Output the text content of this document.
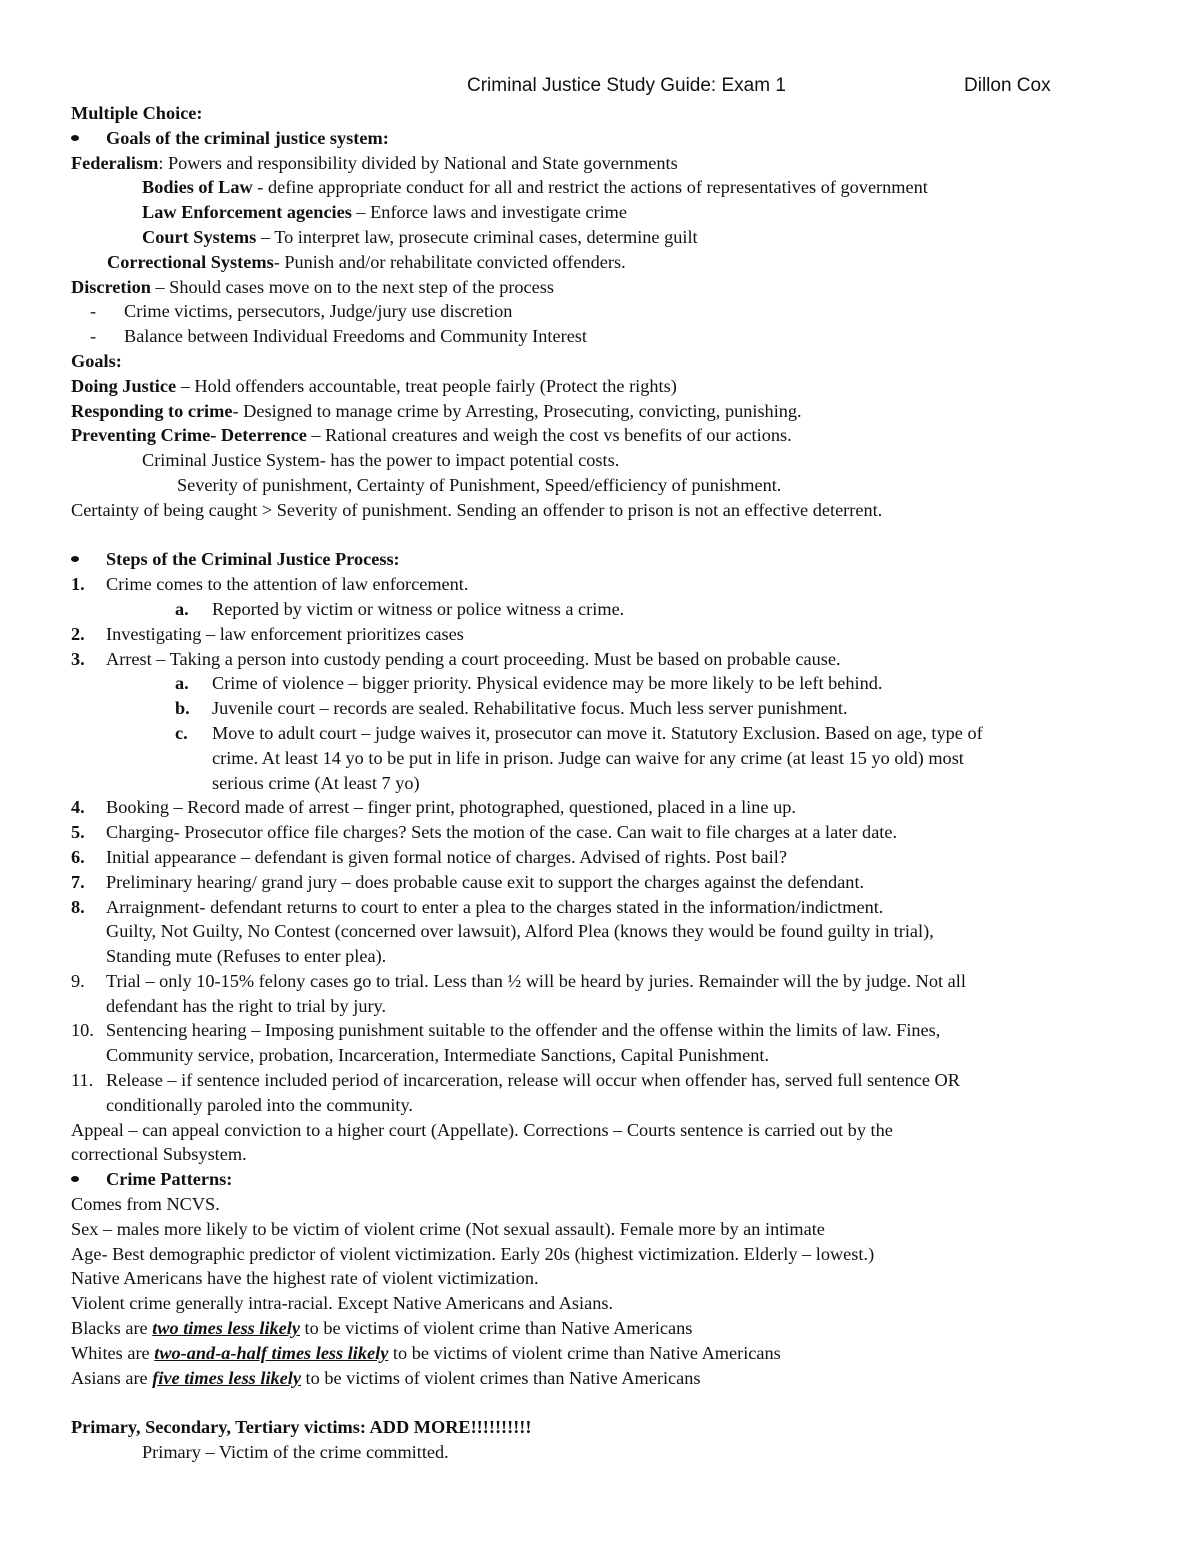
Criminal Justice Study Guide: Exam 1	Dillon Cox
Multiple Choice:
Goals of the criminal justice system:
Federalism: Powers and responsibility divided by National and State governments
Bodies of Law - define appropriate conduct for all and restrict the actions of representatives of government
Law Enforcement agencies – Enforce laws and investigate crime
Court Systems – To interpret law, prosecute criminal cases, determine guilt
Correctional Systems- Punish and/or rehabilitate convicted offenders.
Discretion – Should cases move on to the next step of the process
- Crime victims, persecutors, Judge/jury use discretion
- Balance between Individual Freedoms and Community Interest
Goals:
Doing Justice – Hold offenders accountable, treat people fairly (Protect the rights)
Responding to crime- Designed to manage crime by Arresting, Prosecuting, convicting, punishing.
Preventing Crime- Deterrence – Rational creatures and weigh the cost vs benefits of our actions.
Criminal Justice System- has the power to impact potential costs.
Severity of punishment, Certainty of Punishment, Speed/efficiency of punishment.
Certainty of being caught > Severity of punishment. Sending an offender to prison is not an effective deterrent.
Steps of the Criminal Justice Process:
1. Crime comes to the attention of law enforcement.
a. Reported by victim or witness or police witness a crime.
2. Investigating – law enforcement prioritizes cases
3. Arrest – Taking a person into custody pending a court proceeding. Must be based on probable cause.
a. Crime of violence – bigger priority. Physical evidence may be more likely to be left behind.
b. Juvenile court – records are sealed. Rehabilitative focus. Much less server punishment.
c. Move to adult court – judge waives it, prosecutor can move it. Statutory Exclusion. Based on age, type of
crime. At least 14 yo to be put in life in prison. Judge can waive for any crime (at least 15 yo old) most
serious crime (At least 7 yo)
4. Booking – Record made of arrest – finger print, photographed, questioned, placed in a line up.
5. Charging- Prosecutor office file charges? Sets the motion of the case. Can wait to file charges at a later date.
6. Initial appearance – defendant is given formal notice of charges. Advised of rights. Post bail?
7. Preliminary hearing/ grand jury – does probable cause exit to support the charges against the defendant.
8. Arraignment- defendant returns to court to enter a plea to the charges stated in the information/indictment.
Guilty, Not Guilty, No Contest (concerned over lawsuit), Alford Plea (knows they would be found guilty in trial),
Standing mute (Refuses to enter plea).
9. Trial – only 10-15% felony cases go to trial. Less than ½ will be heard by juries. Remainder will the by judge. Not all
defendant has the right to trial by jury.
10. Sentencing hearing – Imposing punishment suitable to the offender and the offense within the limits of law. Fines,
Community service, probation, Incarceration, Intermediate Sanctions, Capital Punishment.
11. Release – if sentence included period of incarceration, release will occur when offender has, served full sentence OR
conditionally paroled into the community.
Appeal – can appeal conviction to a higher court (Appellate). Corrections – Courts sentence is carried out by the
correctional Subsystem.
Crime Patterns:
Comes from NCVS.
Sex – males more likely to be victim of violent crime (Not sexual assault). Female more by an intimate
Age- Best demographic predictor of violent victimization. Early 20s (highest victimization. Elderly – lowest.)
Native Americans have the highest rate of violent victimization.
Violent crime generally intra-racial. Except Native Americans and Asians.
Blacks are two times less likely to be victims of violent crime than Native Americans
Whites are two-and-a-half times less likely to be victims of violent crime than Native Americans
Asians are five times less likely to be victims of violent crimes than Native Americans
Primary, Secondary, Tertiary victims: ADD MORE!!!!!!!!!!
Primary – Victim of the crime committed.
